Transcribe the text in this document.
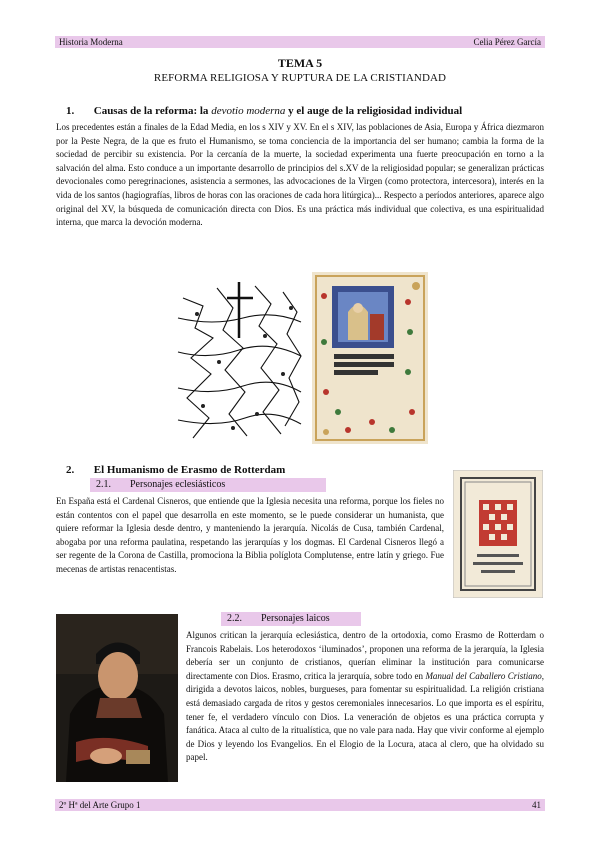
Historia Moderna	Celia Pérez García
TEMA 5
REFORMA RELIGIOSA Y RUPTURA DE LA CRISTIANDAD
1. Causas de la reforma: la devotio moderna y el auge de la religiosidad individual
Los precedentes están a finales de la Edad Media, en los s XIV y XV. En el s XIV, las poblaciones de Asia, Europa y África diezmaron por la Peste Negra, de la que es fruto el Humanismo, se toma conciencia de la importancia del ser humano; cambia la forma de la sociedad de percibir su existencia. Por la cercanía de la muerte, la sociedad experimenta una fuerte preocupación en torno a la salvación del alma. Esto conduce a un importante desarrollo de principios del s.XV de la religiosidad popular; se generalizan prácticas devocionales como peregrinaciones, asistencia a sermones, las advocaciones de la Virgen (como protectora, intercesora), interés en la vida de los santos (hagiografías, libros de horas con las oraciones de cada hora litúrgica)... Respecto a períodos anteriores, aparece algo original del XV, la búsqueda de comunicación directa con Dios. Es una práctica más individual que colectiva, es una espiritualidad interna, que marca la devoción moderna.
2. El Humanismo de Erasmo de Rotterdam
2.1. Personajes eclesiásticos
En España está el Cardenal Cisneros, que entiende que la Iglesia necesita una reforma, porque los fieles no están contentos con el papel que desarrolla en este momento, se le puede considerar un humanista, que quiere reformar la Iglesia desde dentro, y manteniendo la jerarquía. Nicolás de Cusa, también Cardenal, abogaba por una reforma paulatina, respetando las jerarquías y los dogmas. El Cardenal Cisneros llegó a ser regente de la Corona de Castilla, promociona la Biblia políglota Complutense, entre latín y griego. Fue mecenas de artistas renacentistas.
2.2. Personajes laicos
Algunos critican la jerarquía eclesiástica, dentro de la ortodoxia, como Erasmo de Rotterdam o Francois Rabelais. Los heterodoxos ‘iluminados’, proponen una reforma de la jerarquía, la Iglesia debería ser un conjunto de cristianos, querían eliminar la institución para comunicarse directamente con Dios. Erasmo, critica la jerarquía, sobre todo en Manual del Caballero Cristiano, dirigida a devotos laicos, nobles, burgueses, para fomentar su espiritualidad. La religión cristiana está demasiado cargada de ritos y gestos ceremoniales innecesarios. Lo que importa es el espíritu, tener fe, el verdadero vínculo con Dios. La veneración de objetos es una práctica corrupta y fanática. Ataca al culto de la ritualística, que no vale para nada. Hay que vivir conforme al ejemplo de Dios y leyendo los Evangelios. En el Elogio de la Locura, ataca al clero, que ha olvidado su papel.
2º Hª del Arte Grupo 1	41
